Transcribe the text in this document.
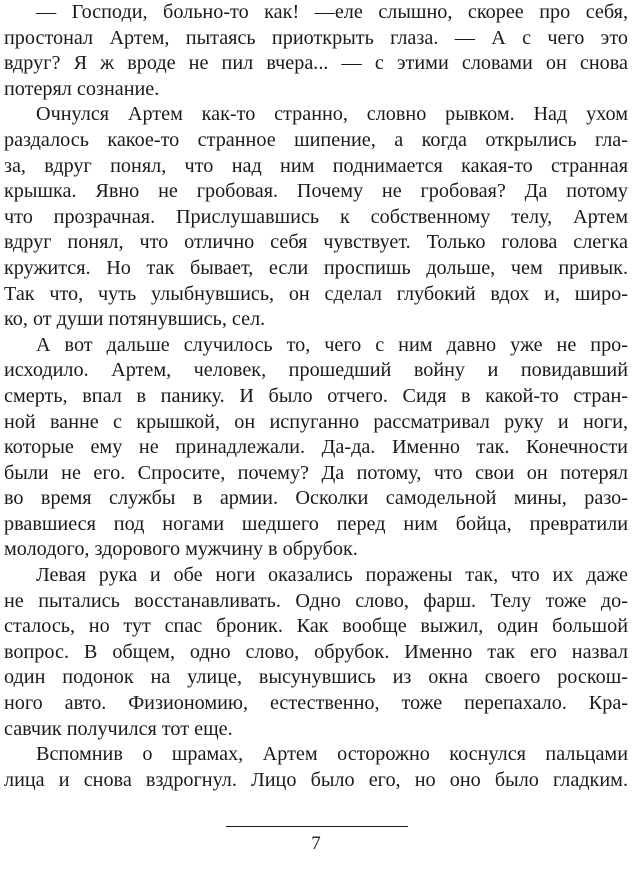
— Господи, больно-то как! —еле слышно, скорее про себя,
простонал Артем, пытаясь приоткрыть глаза. — А с чего это
вдруг? Я ж вроде не пил вчера... — с этими словами он снова
потерял сознание.
Очнулся Артем как-то странно, словно рывком. Над ухом
раздалось какое-то странное шипение, а когда открылись гла-
за, вдруг понял, что над ним поднимается какая-то странная
крышка. Явно не гробовая. Почему не гробовая? Да потому
что прозрачная. Прислушавшись к собственному телу, Артем
вдруг понял, что отлично себя чувствует. Только голова слегка
кружится. Но так бывает, если проспишь дольше, чем привык.
Так что, чуть улыбнувшись, он сделал глубокий вдох и, широ-
ко, от души потянувшись, сел.
А вот дальше случилось то, чего с ним давно уже не про-
исходило. Артем, человек, прошедший войну и повидавший
смерть, впал в панику. И было отчего. Сидя в какой-то стран-
ной ванне с крышкой, он испуганно рассматривал руку и ноги,
которые ему не принадлежали. Да-да. Именно так. Конечности
были не его. Спросите, почему? Да потому, что свои он потерял
во время службы в армии. Осколки самодельной мины, разо-
рвавшиеся под ногами шедшего перед ним бойца, превратили
молодого, здорового мужчину в обрубок.
Левая рука и обе ноги оказались поражены так, что их даже
не пытались восстанавливать. Одно слово, фарш. Телу тоже до-
сталось, но тут спас броник. Как вообще выжил, один большой
вопрос. В общем, одно слово, обрубок. Именно так его назвал
один подонок на улице, высунувшись из окна своего роскош-
ного авто. Физиономию, естественно, тоже перепахало. Кра-
савчик получился тот еще.
Вспомнив о шрамах, Артем осторожно коснулся пальцами
лица и снова вздрогнул. Лицо было его, но оно было гладким.
7
